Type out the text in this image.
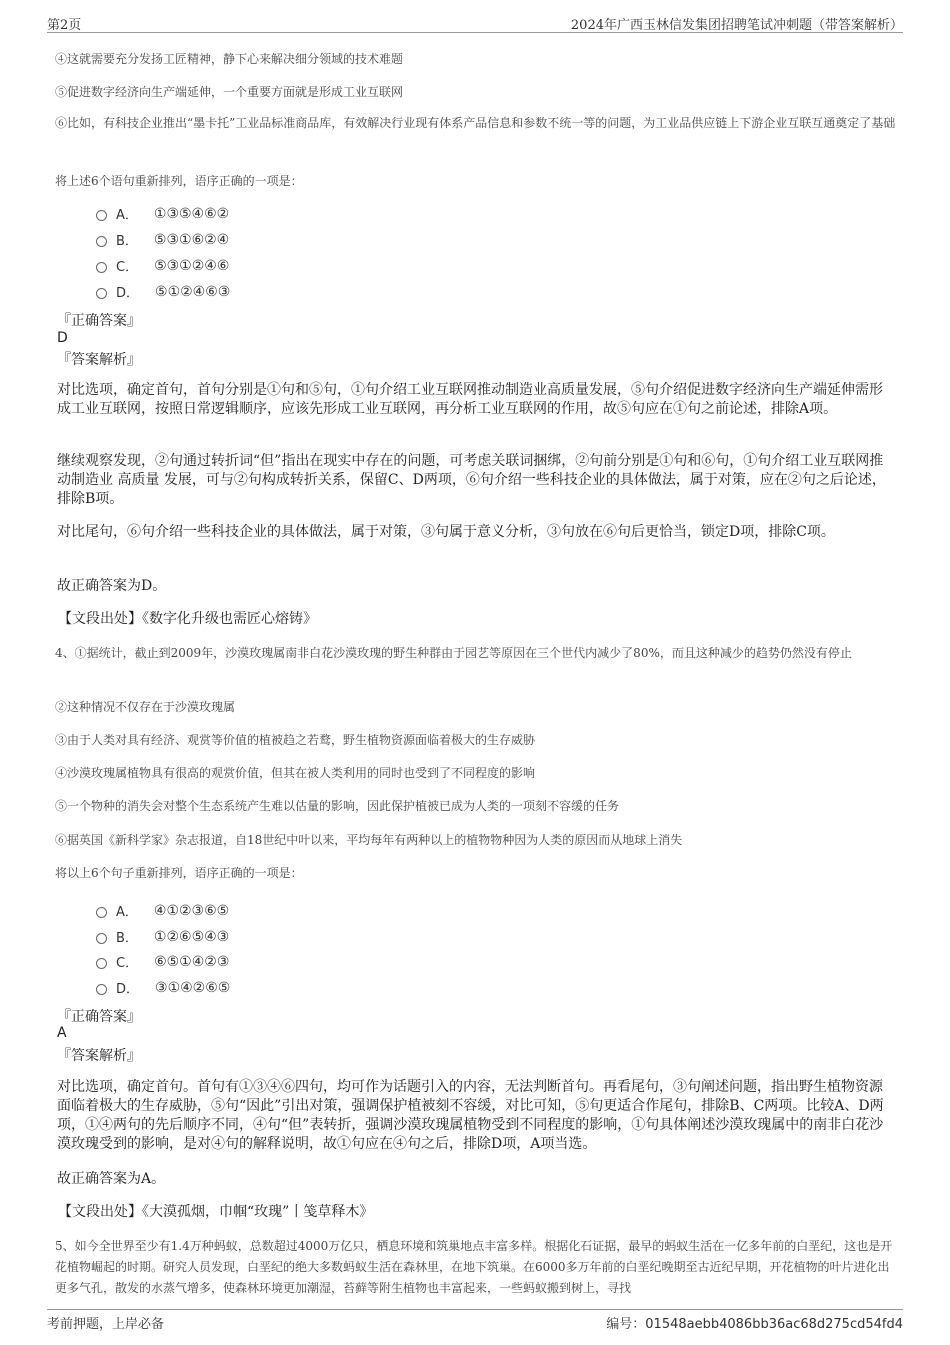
第2页	2024年广西玉林信发集团招聘笔试冲刺题（带答案解析）
④这就需要充分发扬工匠精神，静下心来解决细分领域的技术难题
⑤促进数字经济向生产端延伸，一个重要方面就是形成工业互联网
⑥比如，有科技企业推出“墨卡托”工业品标准商品库，有效解决行业现有体系产品信息和参数不统一等的问题，为工业品供应链上下游企业互联互通奠定了基础
将上述6个语句重新排列，语序正确的一项是：
A． ①③⑤④⑥②
B． ⑤③①⑥②④
C． ⑤③①②④⑥
D． ⑤①②④⑥③
『正确答案』
D
『答案解析』
对比选项，确定首句，首句分别是①句和⑤句，①句介绍工业互联网推动制造业高质量发展，⑤句介绍促进数字经济向生产端延伸需形成工业互联网，按照日常逻辑顺序，应该先形成工业互联网，再分析工业互联网的作用，故⑤句应在①句之前论述，排除A项。
继续观察发现，②句通过转折词“但”指出在现实中存在的问题，可考虑关联词捆绑，②句前分别是①句和⑥句，①句介绍工业互联网推动制造业 高质量 发展，可与②句构成转折关系，保留C、D两项，⑥句介绍一些科技企业的具体做法，属于对策，应在②句之后论述，排除B项。
对比尾句，⑥句介绍一些科技企业的具体做法，属于对策，③句属于意义分析，③句放在⑥句后更恰当，锁定D项，排除C项。
故正确答案为D。
【文段出处】《数字化升级也需匠心熔铸》
4、①据统计，截止到2009年，沙漠玫瑰属南非白花沙漠玫瑰的野生种群由于园艺等原因在三个世代内减少了80%，而且这种减少的趋势仍然没有停止
②这种情况不仅存在于沙漠玫瑰属
③由于人类对具有经济、观赏等价值的植被趋之若鹜，野生植物资源面临着极大的生存威胁
④沙漠玫瑰属植物具有很高的观赏价值，但其在被人类利用的同时也受到了不同程度的影响
⑤一个物种的消失会对整个生态系统产生难以估量的影响，因此保护植被已成为人类的一项刻不容缓的任务
⑥据英国《新科学家》杂志报道，自18世纪中叶以来，平均每年有两种以上的植物物种因为人类的原因而从地球上消失
将以上6个句子重新排列，语序正确的一项是：
A． ④①②③⑥⑤
B． ①②⑥⑤④③
C． ⑥⑤①④②③
D． ③①④②⑥⑤
『正确答案』
A
『答案解析』
对比选项，确定首句。首句有①③④⑥四句，均可作为话题引入的内容，无法判断首句。再看尾句，③句阐述问题，指出野生植物资源面临着极大的生存威胁，⑤句“因此”引出对策，强调保护植被刻不容缓，对比可知，⑤句更适合作尾句，排除B、C两项。比较A、D两项，①④两句的先后顺序不同，④句“但”表转折，强调沙漠玫瑰属植物受到不同程度的影响，①句具体阐述沙漠玫瑰属中的南非白花沙漠玫瑰受到的影响，是对④句的解释说明，故①句应在④句之后，排除D项，A项当选。
故正确答案为A。
【文段出处】《大漠孤烟，巾帼“玫瑰”丨笺草释木》
5、如今全世界至少有1.4万种蚂蚁，总数超过4000万亿只，栖息环境和筑巢地点丰富多样。根据化石证据，最早的蚂蚁生活在一亿多年前的白垩纪，这也是开花植物崛起的时期。研究人员发现，白垩纪的绝大多数蚂蚁生活在森林里，在地下筑巢。在6000多万年前的白垩纪晚期至古近纪早期，开花植物的叶片进化出更多气孔，散发的水蒸气增多，使森林环境更加潮湿，苔藓等附生植物也丰富起来，一些蚂蚁搬到树上，寻找
考前押题，上岸必备	编号：01548aebb4086bb36ac68d275cd54fd4
